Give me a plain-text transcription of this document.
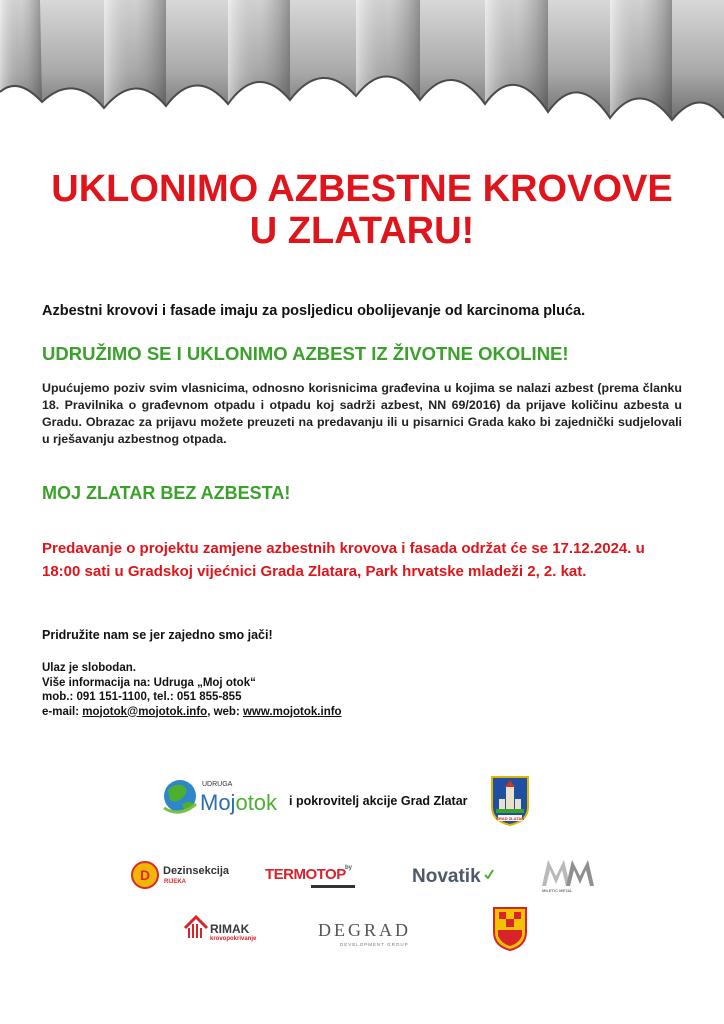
UKLONIMO AZBESTNE KROVOVE
U ZLATARU!
Azbestni krovovi i fasade imaju za posljedicu obolijevanje od karcinoma pluća.
UDRUŽIMO SE I UKLONIMO AZBEST IZ ŽIVOTNE OKOLINE!
Upućujemo poziv svim vlasnicima, odnosno korisnicima građevina u kojima se nalazi azbest (prema članku 18. Pravilnika o građevnom otpadu i otpadu koj sadrži azbest, NN 69/2016) da prijave količinu azbesta u Gradu. Obrazac za prijavu možete preuzeti na predavanju ili u pisarnici Grada kako bi zajednički sudjelovali u rješavanju azbestnog otpada.
MOJ ZLATAR BEZ AZBESTA!
Predavanje o projektu zamjene azbestnih krovova i fasada održat će se 17.12.2024. u 18:00 sati u Gradskoj vijećnici Grada Zlatara, Park hrvatske mladeži 2, 2. kat.
Pridružite nam se jer zajedno smo jači!
Ulaz je slobodan.
Više informacija na: Udruga „Moj otok“
mob.: 091 151-1100, tel.: 051 855-855
e-mail: mojotok@mojotok.info, web: www.mojotok.info
UDRUGA
Mojotok i pokrovitelj akcije Grad Zlatar
GRAD ZLATAR
D Dezinsekcija
RIJEKA	TERMOTOP by	Novatik
MILETIĆ METAL
RIMAK
krovopokrivanje	DEGRAD
DEVELOPMENT GROUP
